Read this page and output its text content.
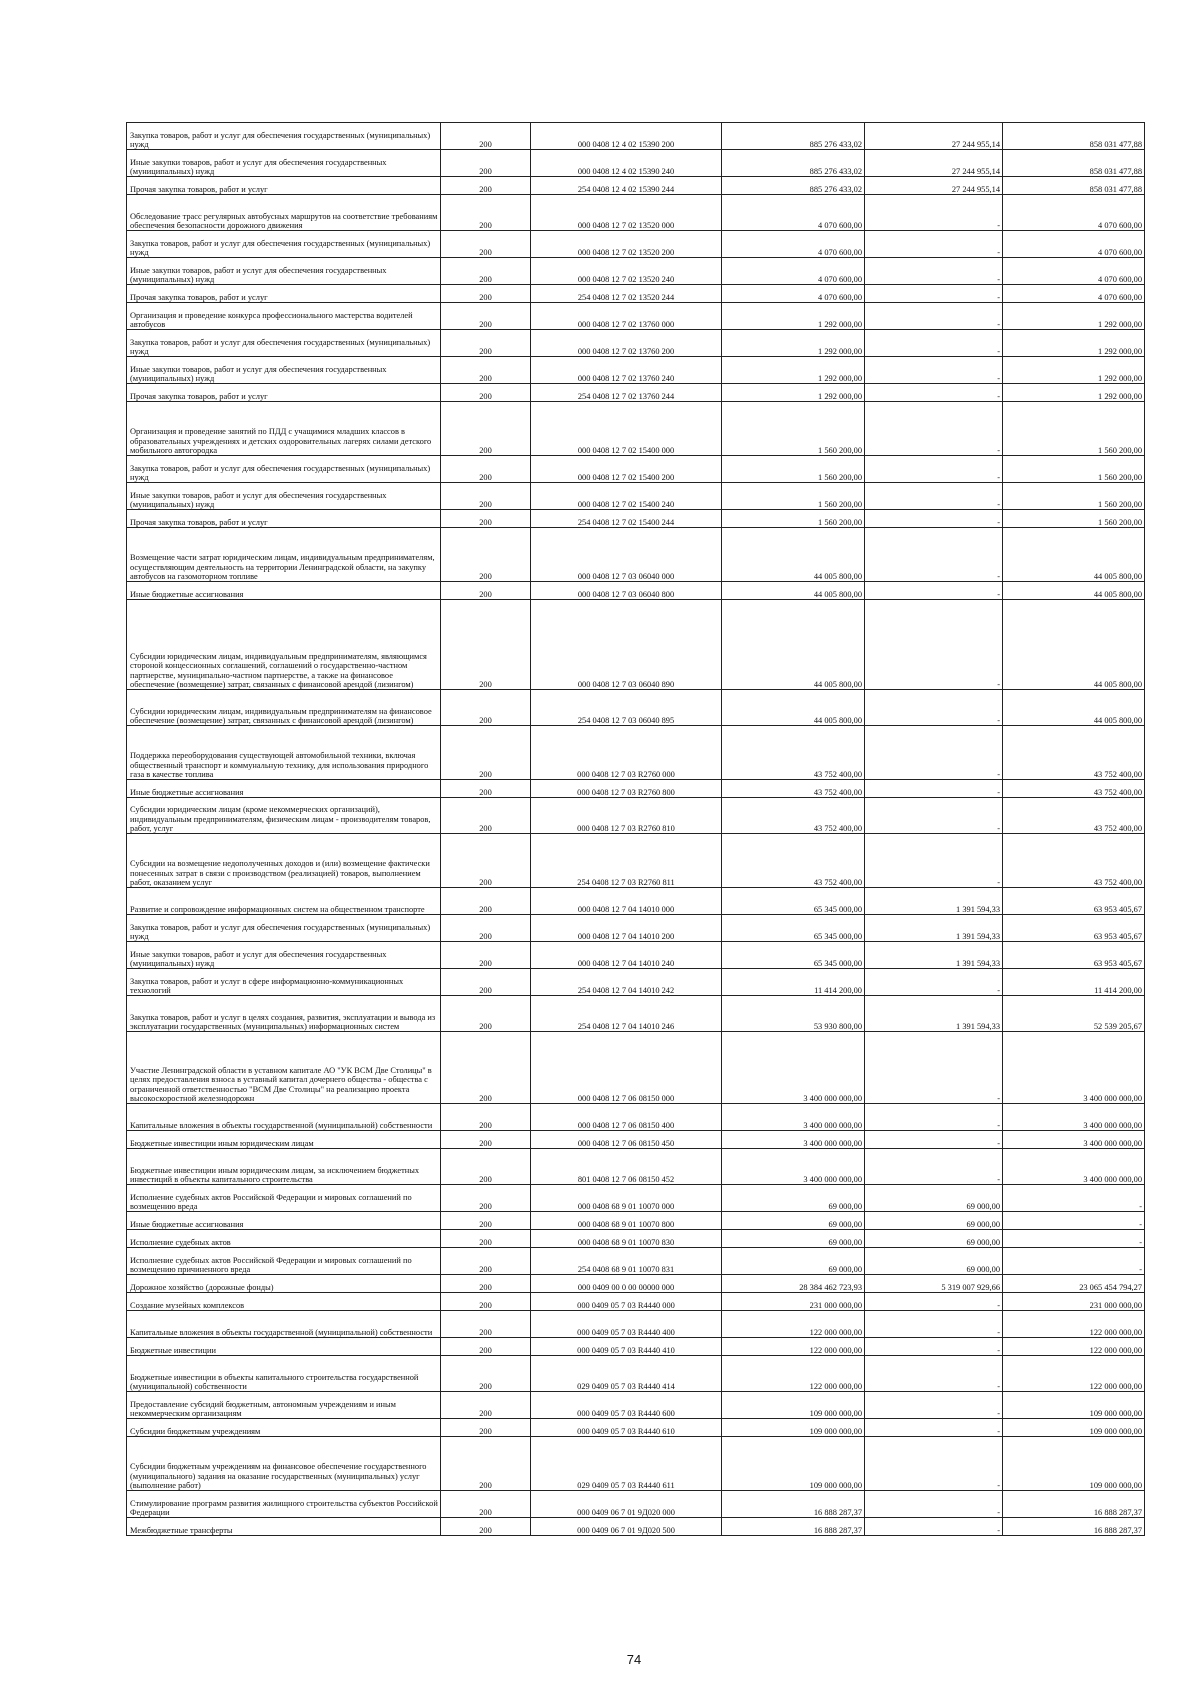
Закупка товаров, работ и услуг для обеспечения государственных (муниципальных) нужд	200	000 0408 12 4 02 15390 200	885 276 433,02	27 244 955,14	858 031 477,88
Иные закупки товаров, работ и услуг для обеспечения государственных (муниципальных) нужд	200	000 0408 12 4 02 15390 240	885 276 433,02	27 244 955,14	858 031 477,88
Прочая закупка товаров, работ и услуг	200	254 0408 12 4 02 15390 244	885 276 433,02	27 244 955,14	858 031 477,88
Обследование трасс регулярных автобусных маршрутов на соответствие требованиям обеспечения безопасности дорожного движения	200	000 0408 12 7 02 13520 000	4 070 600,00	-	4 070 600,00
Закупка товаров, работ и услуг для обеспечения государственных (муниципальных) нужд	200	000 0408 12 7 02 13520 200	4 070 600,00	-	4 070 600,00
Иные закупки товаров, работ и услуг для обеспечения государственных (муниципальных) нужд	200	000 0408 12 7 02 13520 240	4 070 600,00	-	4 070 600,00
Прочая закупка товаров, работ и услуг	200	254 0408 12 7 02 13520 244	4 070 600,00	-	4 070 600,00
Организация и проведение конкурса профессионального мастерства водителей автобусов	200	000 0408 12 7 02 13760 000	1 292 000,00	-	1 292 000,00
Закупка товаров, работ и услуг для обеспечения государственных (муниципальных) нужд	200	000 0408 12 7 02 13760 200	1 292 000,00	-	1 292 000,00
Иные закупки товаров, работ и услуг для обеспечения государственных (муниципальных) нужд	200	000 0408 12 7 02 13760 240	1 292 000,00	-	1 292 000,00
Прочая закупка товаров, работ и услуг	200	254 0408 12 7 02 13760 244	1 292 000,00	-	1 292 000,00
Организация и проведение занятий по ПДД с учащимися младших классов в образовательных учреждениях и детских оздоровительных лагерях силами детского мобильного автогородка	200	000 0408 12 7 02 15400 000	1 560 200,00	-	1 560 200,00
Закупка товаров, работ и услуг для обеспечения государственных (муниципальных) нужд	200	000 0408 12 7 02 15400 200	1 560 200,00	-	1 560 200,00
Иные закупки товаров, работ и услуг для обеспечения государственных (муниципальных) нужд	200	000 0408 12 7 02 15400 240	1 560 200,00	-	1 560 200,00
Прочая закупка товаров, работ и услуг	200	254 0408 12 7 02 15400 244	1 560 200,00	-	1 560 200,00
Возмещение части затрат юридическим лицам, индивидуальным предпринимателям, осуществляющим деятельность на территории Ленинградской области, на закупку автобусов на газомоторном топливе	200	000 0408 12 7 03 06040 000	44 005 800,00	-	44 005 800,00
Иные бюджетные ассигнования	200	000 0408 12 7 03 06040 800	44 005 800,00	-	44 005 800,00
Субсидии юридическим лицам, индивидуальным предпринимателям, являющимся стороной концессионных соглашений, соглашений о государственно-частном партнерстве, муниципально-частном партнерстве, а также на финансовое обеспечение (возмещение) затрат, связанных с финансовой арендой (лизингом)	200	000 0408 12 7 03 06040 890	44 005 800,00	-	44 005 800,00
Субсидии юридическим лицам, индивидуальным предпринимателям на финансовое обеспечение (возмещение) затрат, связанных с финансовой арендой (лизингом)	200	254 0408 12 7 03 06040 895	44 005 800,00	-	44 005 800,00
Поддержка переоборудования существующей автомобильной техники, включая общественный транспорт и коммунальную технику, для использования природного газа в качестве топлива	200	000 0408 12 7 03 R2760 000	43 752 400,00	-	43 752 400,00
Иные бюджетные ассигнования	200	000 0408 12 7 03 R2760 800	43 752 400,00	-	43 752 400,00
Субсидии юридическим лицам (кроме некоммерческих организаций), индивидуальным предпринимателям, физическим лицам - производителям товаров, работ, услуг	200	000 0408 12 7 03 R2760 810	43 752 400,00	-	43 752 400,00
Субсидии на возмещение недополученных доходов и (или) возмещение фактически понесенных затрат в связи с производством (реализацией) товаров, выполнением работ, оказанием услуг	200	254 0408 12 7 03 R2760 811	43 752 400,00	-	43 752 400,00
Развитие и сопровождение информационных систем на общественном транспорте	200	000 0408 12 7 04 14010 000	65 345 000,00	1 391 594,33	63 953 405,67
Закупка товаров, работ и услуг для обеспечения государственных (муниципальных) нужд	200	000 0408 12 7 04 14010 200	65 345 000,00	1 391 594,33	63 953 405,67
Иные закупки товаров, работ и услуг для обеспечения государственных (муниципальных) нужд	200	000 0408 12 7 04 14010 240	65 345 000,00	1 391 594,33	63 953 405,67
Закупка товаров, работ и услуг в сфере информационно-коммуникационных технологий	200	254 0408 12 7 04 14010 242	11 414 200,00	-	11 414 200,00
Закупка товаров, работ и услуг в целях создания, развития, эксплуатации и вывода из эксплуатации государственных (муниципальных) информационных систем	200	254 0408 12 7 04 14010 246	53 930 800,00	1 391 594,33	52 539 205,67
Участие Ленинградской области в уставном капитале АО "УК ВСМ Две Столицы" в целях предоставления взноса в уставный капитал дочернего общества - общества с ограниченной ответственностью "ВСМ Две Столицы" на реализацию проекта высокоскоростной железнодорожн	200	000 0408 12 7 06 08150 000	3 400 000 000,00	-	3 400 000 000,00
Капитальные вложения в объекты государственной (муниципальной) собственности	200	000 0408 12 7 06 08150 400	3 400 000 000,00	-	3 400 000 000,00
Бюджетные инвестиции иным юридическим лицам	200	000 0408 12 7 06 08150 450	3 400 000 000,00	-	3 400 000 000,00
Бюджетные инвестиции иным юридическим лицам, за исключением бюджетных инвестиций в объекты капитального строительства	200	801 0408 12 7 06 08150 452	3 400 000 000,00	-	3 400 000 000,00
Исполнение судебных актов Российской Федерации и мировых соглашений по возмещению вреда	200	000 0408 68 9 01 10070 000	69 000,00	69 000,00	-
Иные бюджетные ассигнования	200	000 0408 68 9 01 10070 800	69 000,00	69 000,00	-
Исполнение судебных актов	200	000 0408 68 9 01 10070 830	69 000,00	69 000,00	-
Исполнение судебных актов Российской Федерации и мировых соглашений по возмещению причиненного вреда	200	254 0408 68 9 01 10070 831	69 000,00	69 000,00	-
Дорожное хозяйство (дорожные фонды)	200	000 0409 00 0 00 00000 000	28 384 462 723,93	5 319 007 929,66	23 065 454 794,27
Создание музейных комплексов	200	000 0409 05 7 03 R4440 000	231 000 000,00	-	231 000 000,00
Капитальные вложения в объекты государственной (муниципальной) собственности	200	000 0409 05 7 03 R4440 400	122 000 000,00	-	122 000 000,00
Бюджетные инвестиции	200	000 0409 05 7 03 R4440 410	122 000 000,00	-	122 000 000,00
Бюджетные инвестиции в объекты капитального строительства государственной (муниципальной) собственности	200	029 0409 05 7 03 R4440 414	122 000 000,00	-	122 000 000,00
Предоставление субсидий бюджетным, автономным учреждениям и иным некоммерческим организациям	200	000 0409 05 7 03 R4440 600	109 000 000,00	-	109 000 000,00
Субсидии бюджетным учреждениям	200	000 0409 05 7 03 R4440 610	109 000 000,00	-	109 000 000,00
Субсидии бюджетным учреждениям на финансовое обеспечение государственного (муниципального) задания на оказание государственных (муниципальных) услуг (выполнение работ)	200	029 0409 05 7 03 R4440 611	109 000 000,00	-	109 000 000,00
Стимулирование программ развития жилищного строительства субъектов Российской Федерации	200	000 0409 06 7 01 9Д020 000	16 888 287,37	-	16 888 287,37
Межбюджетные трансферты	200	000 0409 06 7 01 9Д020 500	16 888 287,37	-	16 888 287,37
74
